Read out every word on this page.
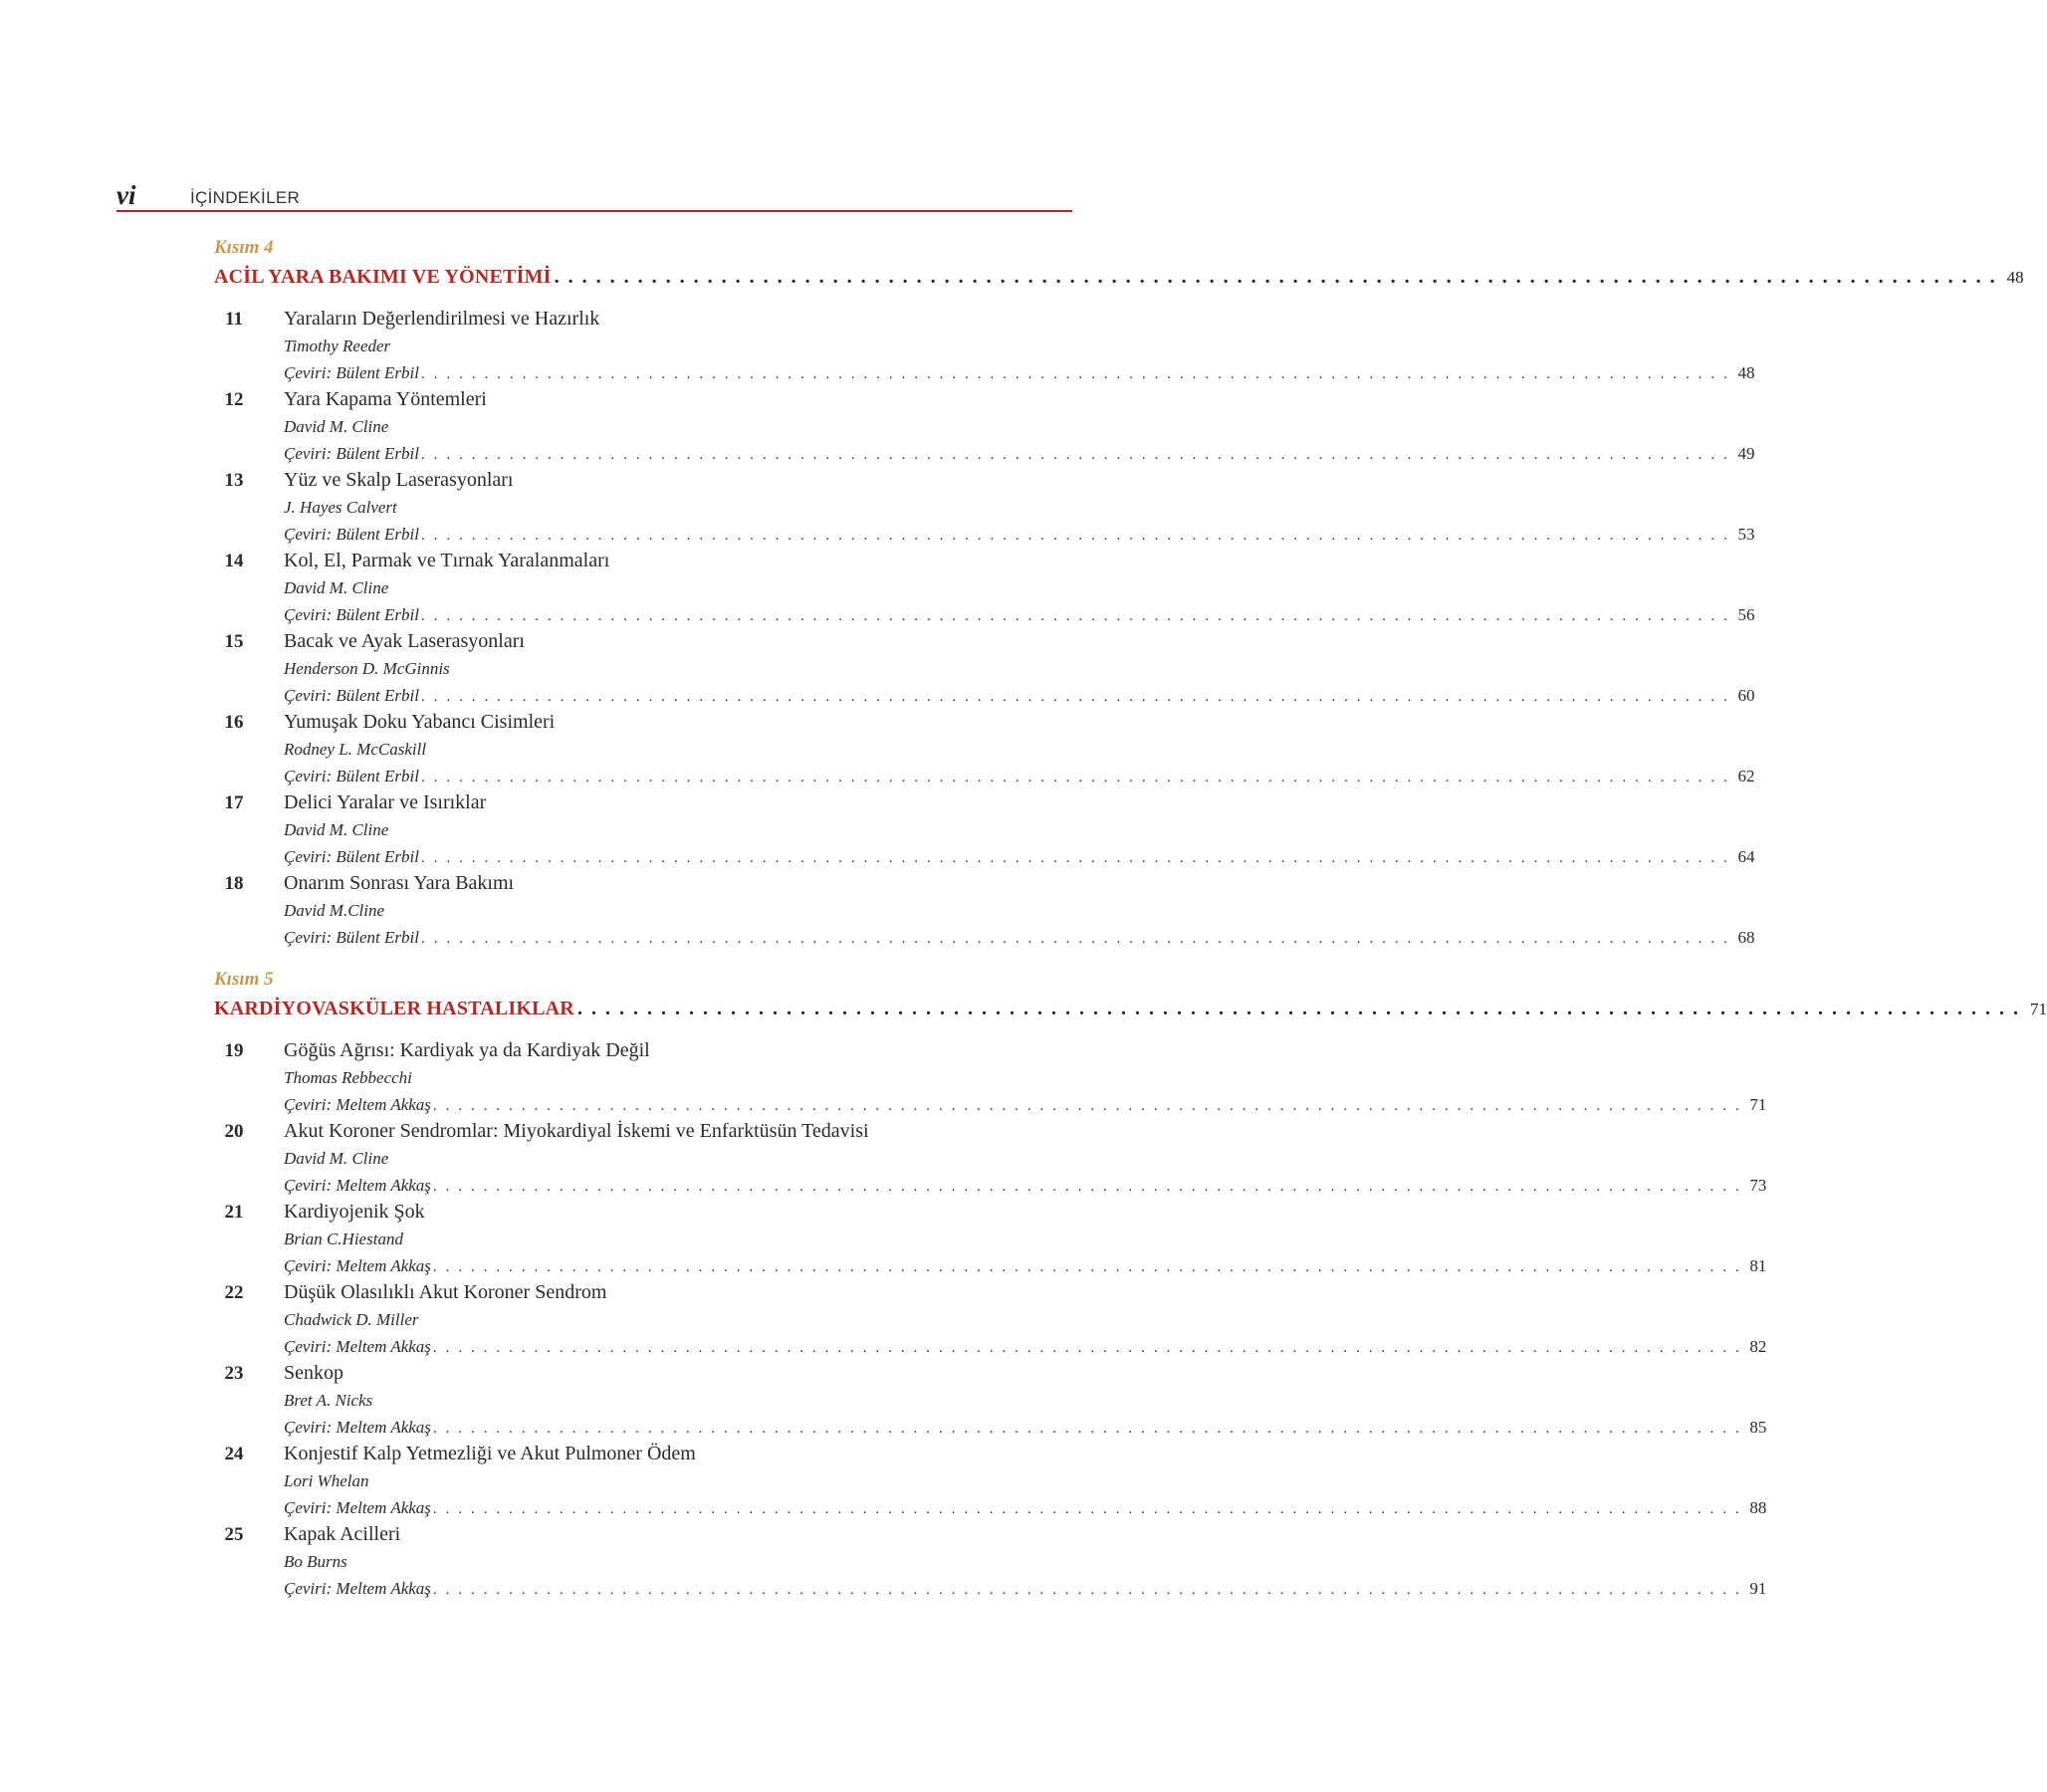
vi	İÇİNDEKİLER
Kısım 4
ACİL YARA BAKIMI VE YÖNETİMİ . . . . . . . . . . . . . . . . . . . . . . . . . . . . . . . . . . . . . . . . . . . . . . . . . . . . . . . . . . . . . . . . . . . . . . . . . . . . . . . . . . . . . . . . . . . . . . . . . . . . . . . . 48
11	Yaraların Değerlendirilmesi ve Hazırlık
Timothy Reeder
Çeviri: Bülent Erbil . . . . . . . . . . . . . . . . . . . . . . . . . . . . . . . . . . . . . . . . . . . . . . . . . . . . . . . . . . . . . . . . . . . . . . . . . . . . . . . . . . . . . . . . . . . . . . . . . . . . . . . . 48
12	Yara Kapama Yöntemleri
David M. Cline
Çeviri: Bülent Erbil . . . . . . . . . . . . . . . . . . . . . . . . . . . . . . . . . . . . . . . . . . . . . . . . . . . . . . . . . . . . . . . . . . . . . . . . . . . . . . . . . . . . . . . . . . . . . . . . . . . . . . . . 49
13	Yüz ve Skalp Laserasyonları
J. Hayes Calvert
Çeviri: Bülent Erbil . . . . . . . . . . . . . . . . . . . . . . . . . . . . . . . . . . . . . . . . . . . . . . . . . . . . . . . . . . . . . . . . . . . . . . . . . . . . . . . . . . . . . . . . . . . . . . . . . . . . . . . . 53
14	Kol, El, Parmak ve Tırnak Yaralanmaları
David M. Cline
Çeviri: Bülent Erbil . . . . . . . . . . . . . . . . . . . . . . . . . . . . . . . . . . . . . . . . . . . . . . . . . . . . . . . . . . . . . . . . . . . . . . . . . . . . . . . . . . . . . . . . . . . . . . . . . . . . . . . . 56
15	Bacak ve Ayak Laserasyonları
Henderson D. McGinnis
Çeviri: Bülent Erbil . . . . . . . . . . . . . . . . . . . . . . . . . . . . . . . . . . . . . . . . . . . . . . . . . . . . . . . . . . . . . . . . . . . . . . . . . . . . . . . . . . . . . . . . . . . . . . . . . . . . . . . . 60
16	Yumuşak Doku Yabancı Cisimleri
Rodney L. McCaskill
Çeviri: Bülent Erbil . . . . . . . . . . . . . . . . . . . . . . . . . . . . . . . . . . . . . . . . . . . . . . . . . . . . . . . . . . . . . . . . . . . . . . . . . . . . . . . . . . . . . . . . . . . . . . . . . . . . . . . . 62
17	Delici Yaralar ve Isırıklar
David M. Cline
Çeviri: Bülent Erbil . . . . . . . . . . . . . . . . . . . . . . . . . . . . . . . . . . . . . . . . . . . . . . . . . . . . . . . . . . . . . . . . . . . . . . . . . . . . . . . . . . . . . . . . . . . . . . . . . . . . . . . . 64
18	Onarım Sonrası Yara Bakımı
David M.Cline
Çeviri: Bülent Erbil . . . . . . . . . . . . . . . . . . . . . . . . . . . . . . . . . . . . . . . . . . . . . . . . . . . . . . . . . . . . . . . . . . . . . . . . . . . . . . . . . . . . . . . . . . . . . . . . . . . . . . . . 68
Kısım 5
KARDİYOVASKÜLER HASTALIKLAR . . . . . . . . . . . . . . . . . . . . . . . . . . . . . . . . . . . . . . . . . . . . . . . . . . . . . . . . . . . . . . . . . . . . . . . . . . . . . . . . . . . . . . . . . . . . . . . . . . . . . . . . 71
19	Göğüs Ağrısı: Kardiyak ya da Kardiyak Değil
Thomas Rebbecchi
Çeviri: Meltem Akkaş . . . . . . . . . . . . . . . . . . . . . . . . . . . . . . . . . . . . . . . . . . . . . . . . . . . . . . . . . . . . . . . . . . . . . . . . . . . . . . . . . . . . . . . . . . . . . . . . . . . . . . . . 71
20	Akut Koroner Sendromlar: Miyokardiyal İskemi ve Enfarktüsün Tedavisi
David M. Cline
Çeviri: Meltem Akkaş . . . . . . . . . . . . . . . . . . . . . . . . . . . . . . . . . . . . . . . . . . . . . . . . . . . . . . . . . . . . . . . . . . . . . . . . . . . . . . . . . . . . . . . . . . . . . . . . . . . . . . . . 73
21	Kardiyojenik Şok
Brian C.Hiestand
Çeviri: Meltem Akkaş . . . . . . . . . . . . . . . . . . . . . . . . . . . . . . . . . . . . . . . . . . . . . . . . . . . . . . . . . . . . . . . . . . . . . . . . . . . . . . . . . . . . . . . . . . . . . . . . . . . . . . . . 81
22	Düşük Olasılıklı Akut Koroner Sendrom
Chadwick D. Miller
Çeviri: Meltem Akkaş . . . . . . . . . . . . . . . . . . . . . . . . . . . . . . . . . . . . . . . . . . . . . . . . . . . . . . . . . . . . . . . . . . . . . . . . . . . . . . . . . . . . . . . . . . . . . . . . . . . . . . . . 82
23	Senkop
Bret A. Nicks
Çeviri: Meltem Akkaş . . . . . . . . . . . . . . . . . . . . . . . . . . . . . . . . . . . . . . . . . . . . . . . . . . . . . . . . . . . . . . . . . . . . . . . . . . . . . . . . . . . . . . . . . . . . . . . . . . . . . . . . 85
24	Konjestif Kalp Yetmezliği ve Akut Pulmoner Ödem
Lori Whelan
Çeviri: Meltem Akkaş . . . . . . . . . . . . . . . . . . . . . . . . . . . . . . . . . . . . . . . . . . . . . . . . . . . . . . . . . . . . . . . . . . . . . . . . . . . . . . . . . . . . . . . . . . . . . . . . . . . . . . . . 88
25	Kapak Acilleri
Bo Burns
Çeviri: Meltem Akkaş . . . . . . . . . . . . . . . . . . . . . . . . . . . . . . . . . . . . . . . . . . . . . . . . . . . . . . . . . . . . . . . . . . . . . . . . . . . . . . . . . . . . . . . . . . . . . . . . . . . . . . . . 91
